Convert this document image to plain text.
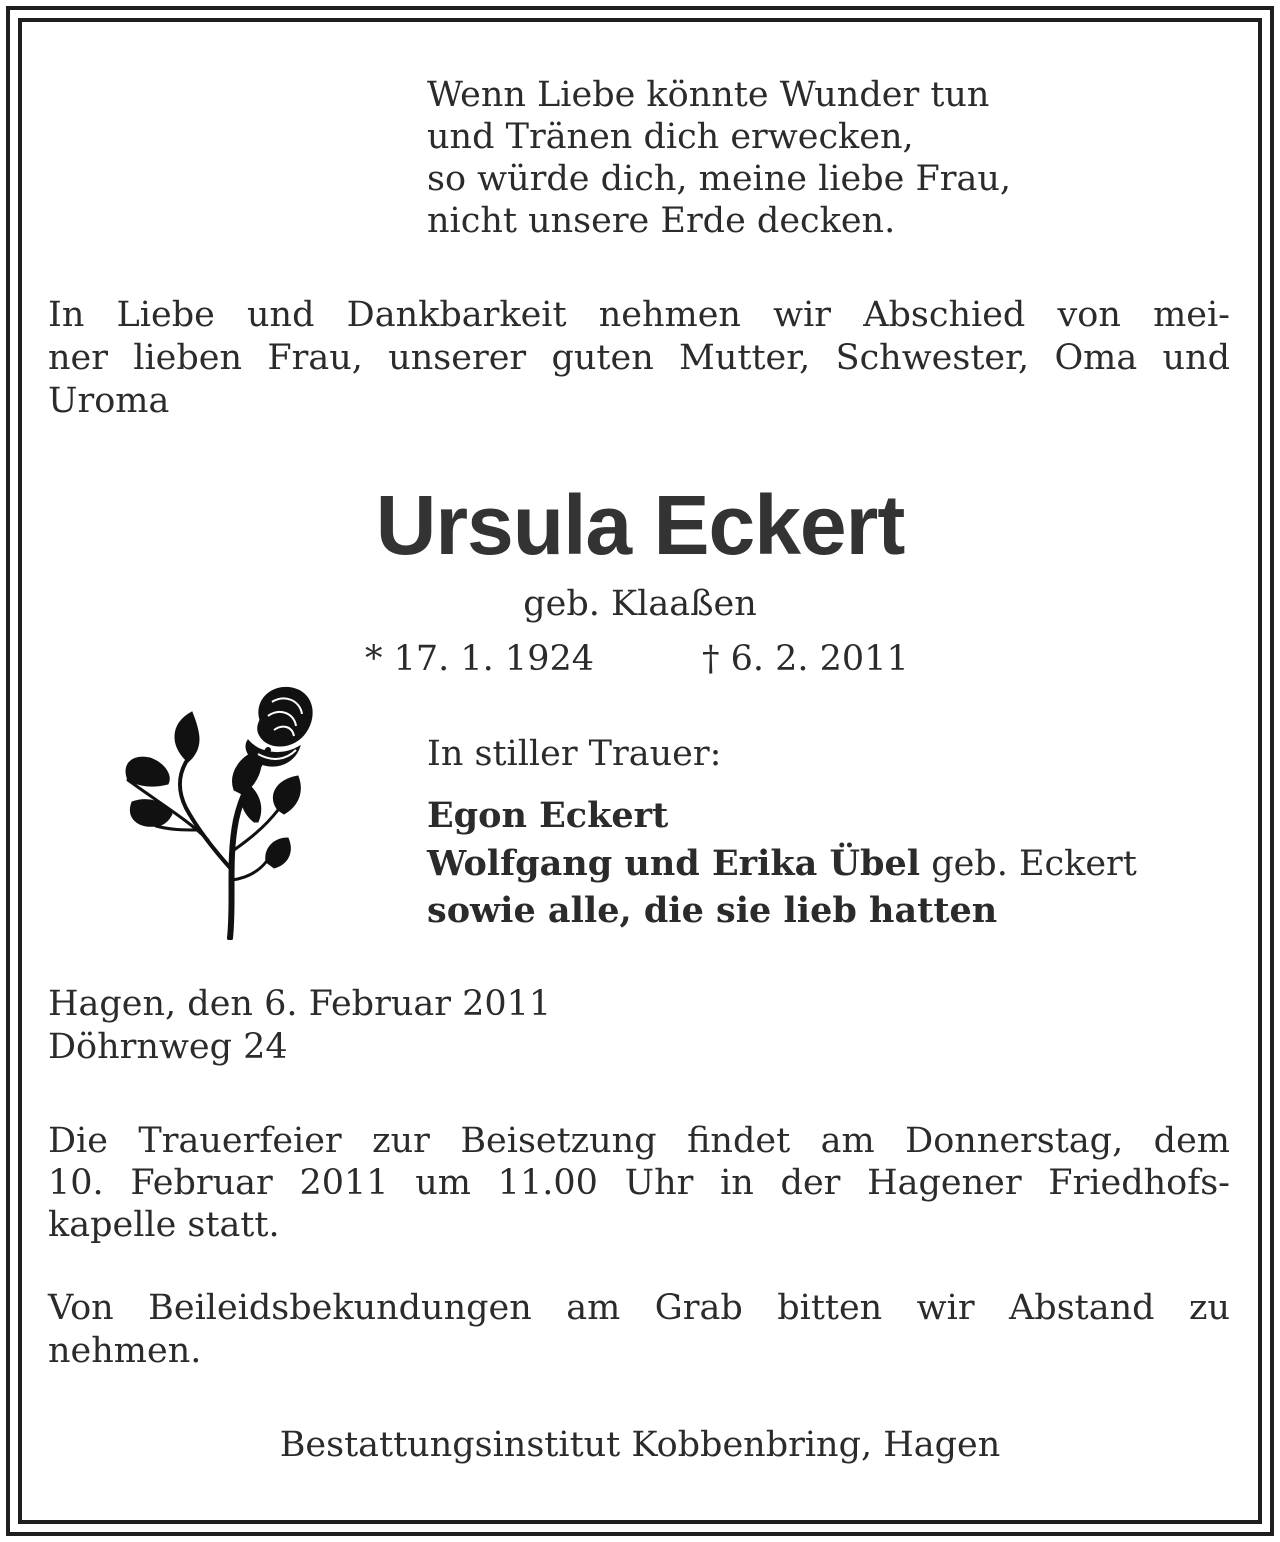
Wenn Liebe könnte Wunder tun

und Tränen dich erwecken,

so würde dich, meine liebe Frau,

nicht unsere Erde decken.

In Liebe und Dankbarkeit nehmen wir Abschied von mei-

ner lieben Frau, unserer guten Mutter, Schwester, Oma und

Uroma

Ursula Eckert

geb. Klaaßen

* 17. 1. 1924	† 6. 2. 2011

In stiller Trauer:

Egon Eckert

Wolfgang und Erika Übel geb. Eckert

sowie alle, die sie lieb hatten

Hagen, den 6. Februar 2011

Döhrnweg 24

Die Trauerfeier zur Beisetzung findet am Donnerstag, dem

10. Februar 2011 um 11.00 Uhr in der Hagener Friedhofs-

kapelle statt.

Von Beileidsbekundungen am Grab bitten wir Abstand zu

nehmen.

Bestattungsinstitut Kobbenbring, Hagen
